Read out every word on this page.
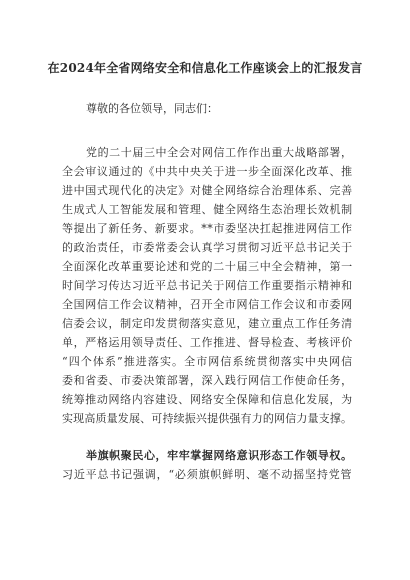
在2024年全省网络安全和信息化工作座谈会上的汇报发言
尊敬的各位领导，同志们：
党的二十届三中全会对网信工作作出重大战略部署，
全会审议通过的《中共中央关于进一步全面深化改革、推
进中国式现代化的决定》对健全网络综合治理体系、完善
生成式人工智能发展和管理、健全网络生态治理长效机制
等提出了新任务、新要求。**市委坚决扛起推进网信工作
的政治责任，市委常委会认真学习贯彻习近平总书记关于
全面深化改革重要论述和党的二十届三中全会精神，第一
时间学习传达习近平总书记关于网信工作重要指示精神和
全国网信工作会议精神，召开全市网信工作会议和市委网
信委会议，制定印发贯彻落实意见，建立重点工作任务清
单，严格运用领导责任、工作推进、督导检查、考核评价
“四个体系”推进落实。全市网信系统贯彻落实中央网信
委和省委、市委决策部署，深入践行网信工作使命任务，
统筹推动网络内容建设、网络安全保障和信息化发展，为
实现高质量发展、可持续振兴提供强有力的网信力量支撑。
举旗帜聚民心，牢牢掌握网络意识形态工作领导权。
习近平总书记强调，“必须旗帜鲜明、毫不动摇坚持党管
